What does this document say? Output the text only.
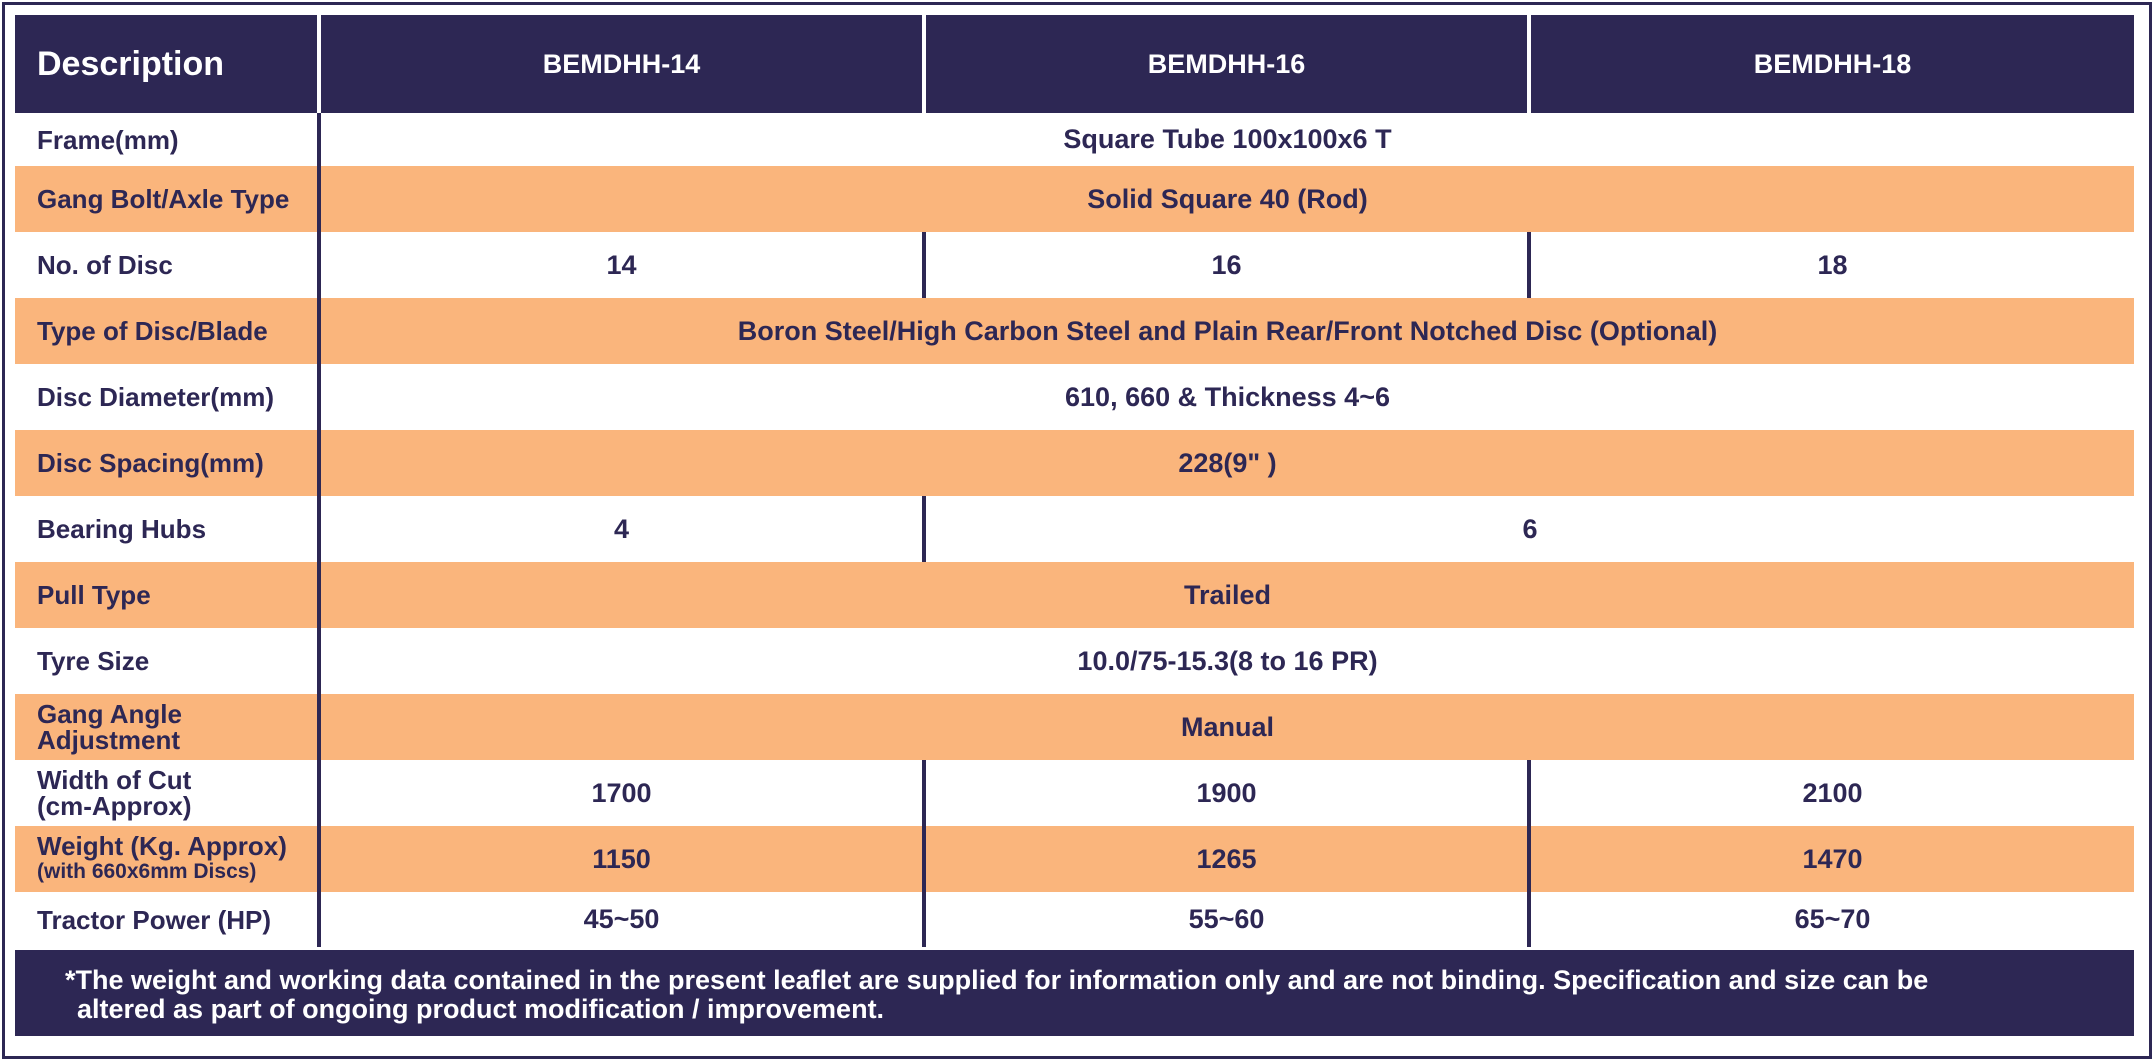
Description	BEMDHH-14	BEMDHH-16	BEMDHH-18
Frame(mm)	Square Tube 100x100x6 T		
Gang Bolt/Axle Type	Solid Square 40 (Rod)		
No. of Disc	14	16	18
Type of Disc/Blade	Boron Steel/High Carbon Steel and Plain Rear/Front Notched Disc (Optional)		
Disc Diameter(mm)	610, 660 & Thickness 4~6		
Disc Spacing(mm)	228(9" )		
Bearing Hubs	4	6	
Pull Type	Trailed		
Tyre Size	10.0/75-15.3(8 to 16 PR)		

Gang Angle
Adjustment	Manual		

Width of Cut
(cm-Approx)	1700	1900	2100

Weight (Kg. Approx)
(with 660x6mm Discs)	1150	1265	1470
Tractor Power (HP)	45~50	55~60	65~70
*The weight and working data contained in the present leaflet are supplied for information only and are not binding. Specification and size can be
altered as part of ongoing product modification / improvement.
